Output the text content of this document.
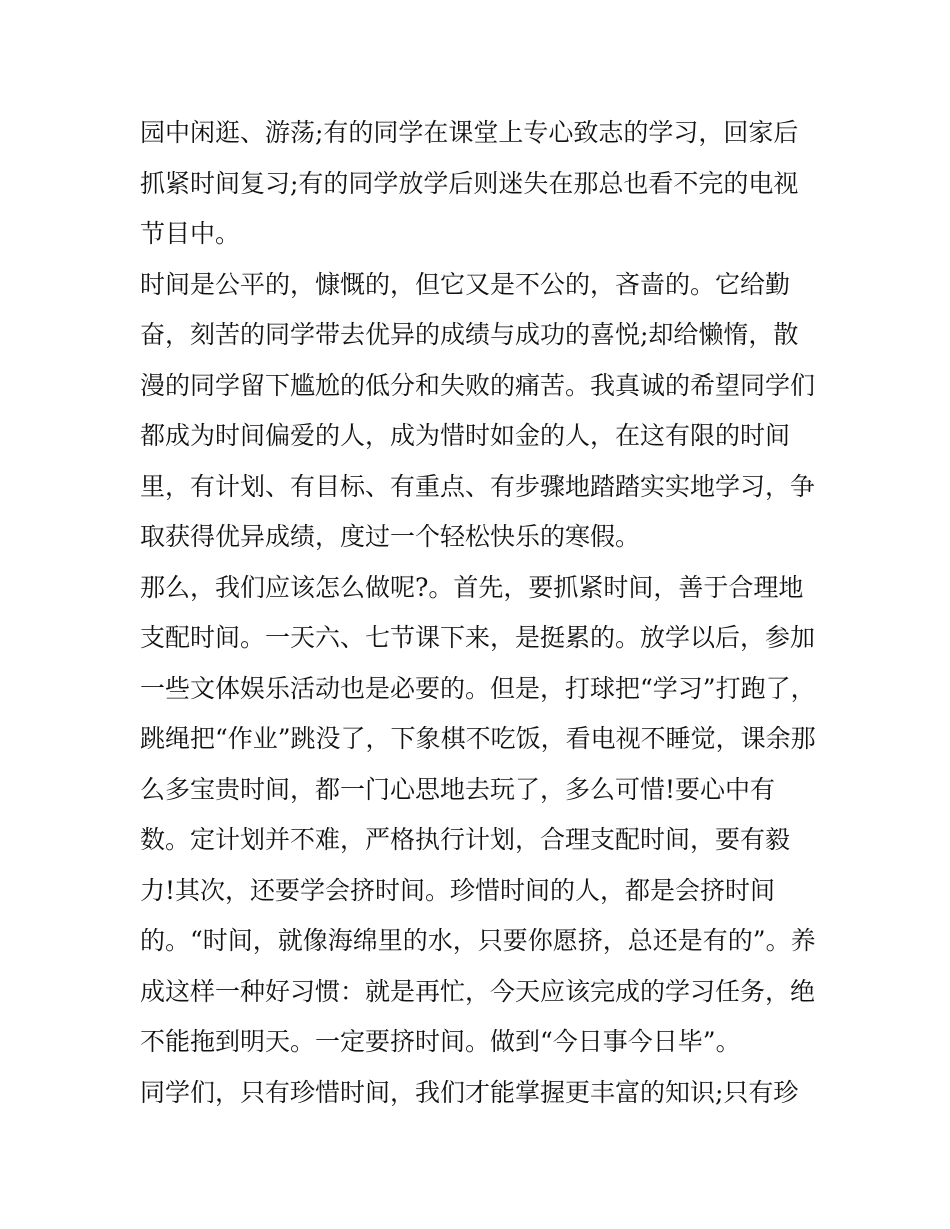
园中闲逛、游荡;有的同学在课堂上专心致志的学习，回家后
抓紧时间复习;有的同学放学后则迷失在那总也看不完的电视
节目中。
时间是公平的，慷慨的，但它又是不公的，吝啬的。它给勤
奋，刻苦的同学带去优异的成绩与成功的喜悦;却给懒惰，散
漫的同学留下尴尬的低分和失败的痛苦。我真诚的希望同学们
都成为时间偏爱的人，成为惜时如金的人，在这有限的时间
里，有计划、有目标、有重点、有步骤地踏踏实实地学习，争
取获得优异成绩，度过一个轻松快乐的寒假。
那么，我们应该怎么做呢?。首先，要抓紧时间，善于合理地
支配时间。一天六、七节课下来，是挺累的。放学以后，参加
一些文体娱乐活动也是必要的。但是，打球把“学习”打跑了，
跳绳把“作业”跳没了，下象棋不吃饭，看电视不睡觉，课余那
么多宝贵时间，都一门心思地去玩了，多么可惜!要心中有
数。定计划并不难，严格执行计划，合理支配时间，要有毅
力!其次，还要学会挤时间。珍惜时间的人，都是会挤时间
的。“时间，就像海绵里的水，只要你愿挤，总还是有的”。养
成这样一种好习惯：就是再忙，今天应该完成的学习任务，绝
不能拖到明天。一定要挤时间。做到“今日事今日毕”。
同学们，只有珍惜时间，我们才能掌握更丰富的知识;只有珍
